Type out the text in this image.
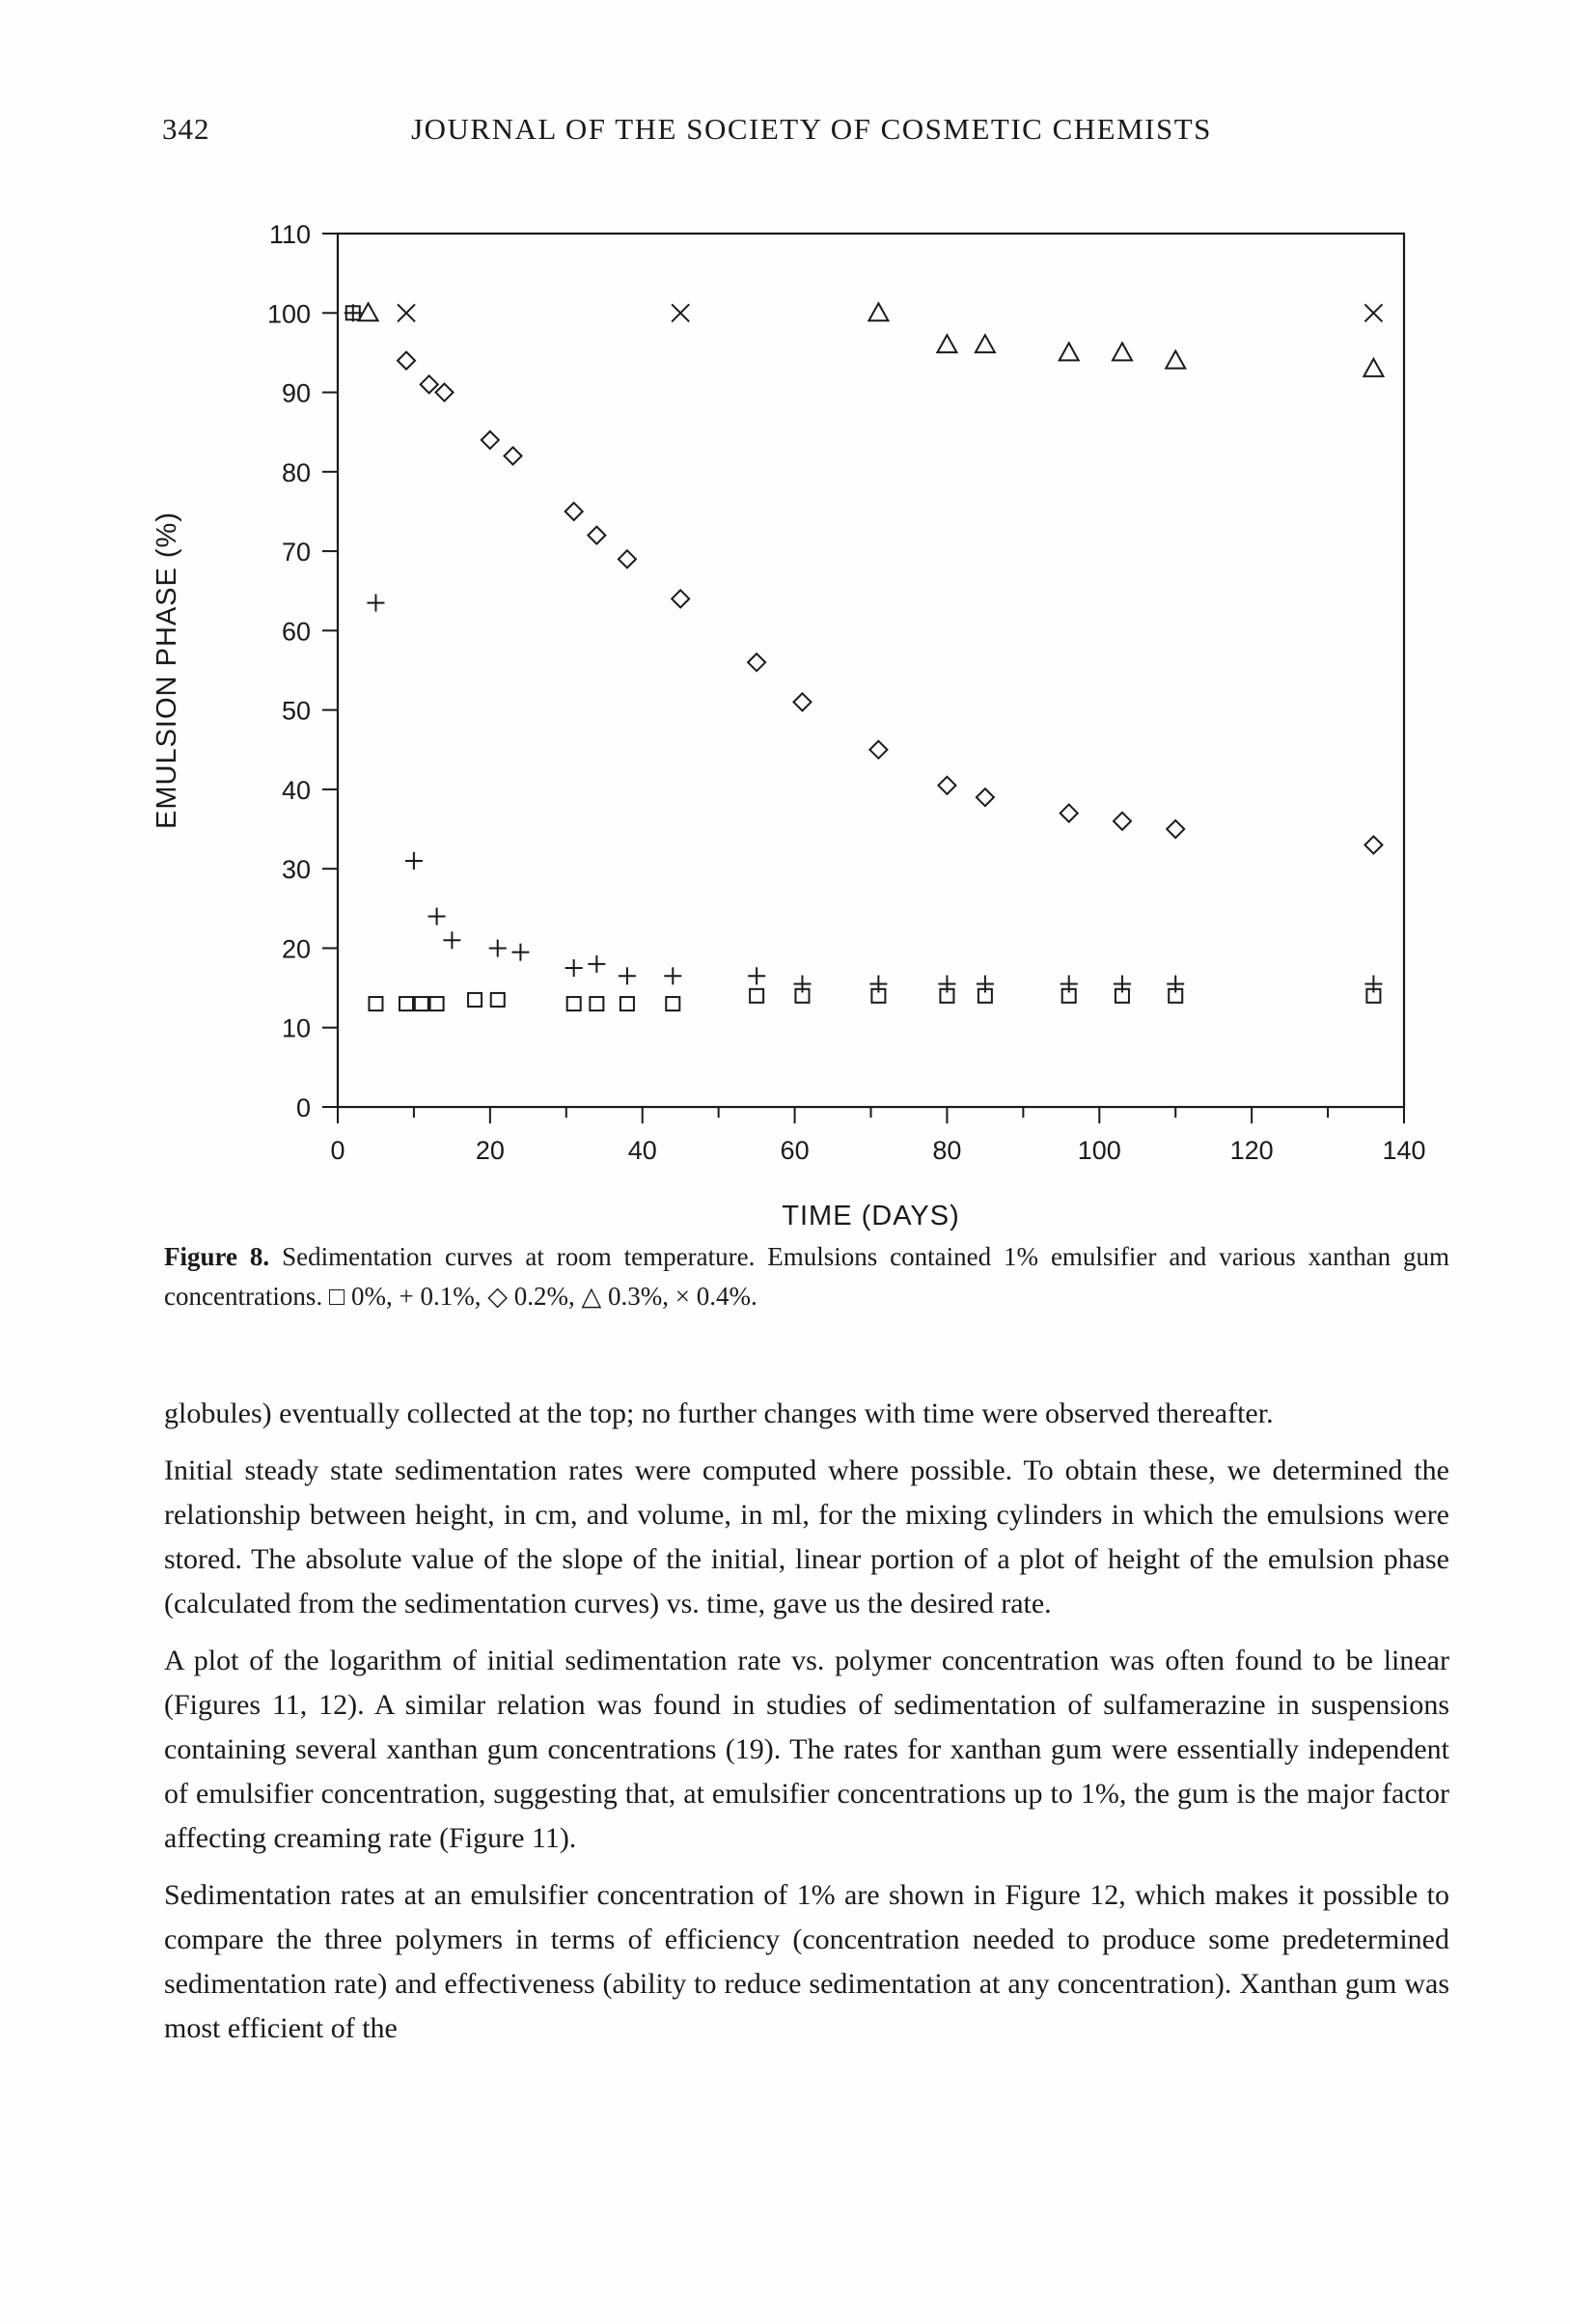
342	JOURNAL OF THE SOCIETY OF COSMETIC CHEMISTS
0	20	40	60	80	100	120	140
0
10
20
30
40
50
60
70
80
90
100
110
TIME (DAYS)
EMULSION PHASE (%)

Figure 8. Sedimentation curves at room temperature. Emulsions contained 1% emulsifier and various xanthan gum concentrations. □ 0%, + 0.1%, ◇ 0.2%, △ 0.3%, × 0.4%.

globules) eventually collected at the top; no further changes with time were observed thereafter.

Initial steady state sedimentation rates were computed where possible. To obtain these, we determined the relationship between height, in cm, and volume, in ml, for the mixing cylinders in which the emulsions were stored. The absolute value of the slope of the initial, linear portion of a plot of height of the emulsion phase (calculated from the sedimentation curves) vs. time, gave us the desired rate.

A plot of the logarithm of initial sedimentation rate vs. polymer concentration was often found to be linear (Figures 11, 12). A similar relation was found in studies of sedimentation of sulfamerazine in suspensions containing several xanthan gum concentrations (19). The rates for xanthan gum were essentially independent of emulsifier concentration, suggesting that, at emulsifier concentrations up to 1%, the gum is the major factor affecting creaming rate (Figure 11).

Sedimentation rates at an emulsifier concentration of 1% are shown in Figure 12, which makes it possible to compare the three polymers in terms of efficiency (concentration needed to produce some predetermined sedimentation rate) and effectiveness (ability to reduce sedimentation at any concentration). Xanthan gum was most efficient of the
